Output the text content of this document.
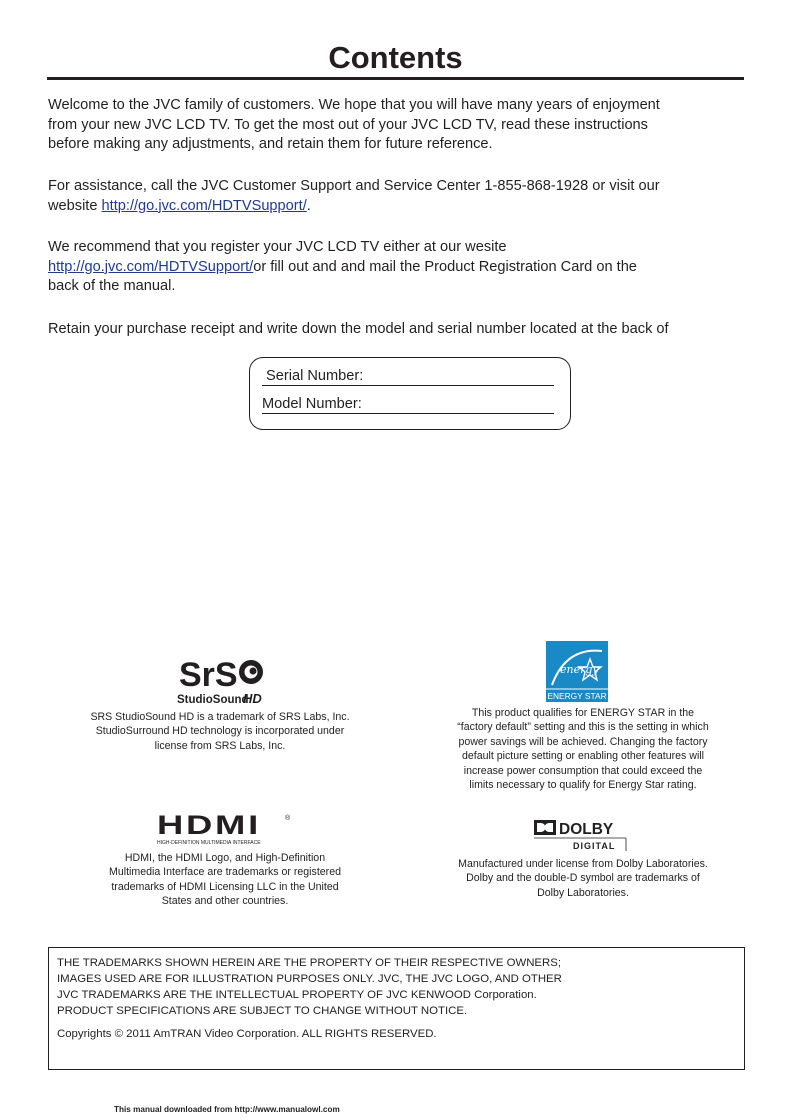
Contents
Welcome to the JVC family of customers. We hope that you will have many years of enjoyment
from your new JVC LCD TV. To get the most out of your JVC LCD TV, read these instructions
before making any adjustments, and retain them for future reference.
For assistance, call the JVC Customer Support and Service Center 1-855-868-1928 or visit our
website http://go.jvc.com/HDTVSupport/.
We recommend that you register your JVC LCD TV either at our wesite
http://go.jvc.com/HDTVSupport/or fill out and and mail the Product Registration Card on the
back of the manual.
Retain your purchase receipt and write down the model and serial number located at the back of
Serial Number:
Model Number:
SrS
StudioSound
HD
SRS StudioSound HD is a trademark of SRS Labs, Inc.
StudioSurround HD technology is incorporated under
license from SRS Labs, Inc.
energy
ENERGY STAR
This product qualifies for ENERGY STAR in the
“factory default” setting and this is the setting in which
power savings will be achieved. Changing the factory
default picture setting or enabling other features will
increase power consumption that could exceed the
limits necessary to qualify for Energy Star rating.
HDMI	®
HIGH-DEFINITION MULTIMEDIA INTERFACE
HDMI, the HDMI Logo, and High-Definition
Multimedia Interface are trademarks or registered
trademarks of HDMI Licensing LLC in the United
States and other countries.
DOLBY
DIGITAL
Manufactured under license from Dolby Laboratories.
Dolby and the double-D symbol are trademarks of
Dolby Laboratories.
THE TRADEMARKS SHOWN HEREIN ARE THE PROPERTY OF THEIR RESPECTIVE OWNERS;
IMAGES USED ARE FOR ILLUSTRATION PURPOSES ONLY. JVC, THE JVC LOGO, AND OTHER
JVC TRADEMARKS ARE THE INTELLECTUAL PROPERTY OF JVC KENWOOD Corporation.
PRODUCT SPECIFICATIONS ARE SUBJECT TO CHANGE WITHOUT NOTICE.
Copyrights © 2011 AmTRAN Video Corporation. ALL RIGHTS RESERVED.
This manual downloaded from http://www.manualowl.com
